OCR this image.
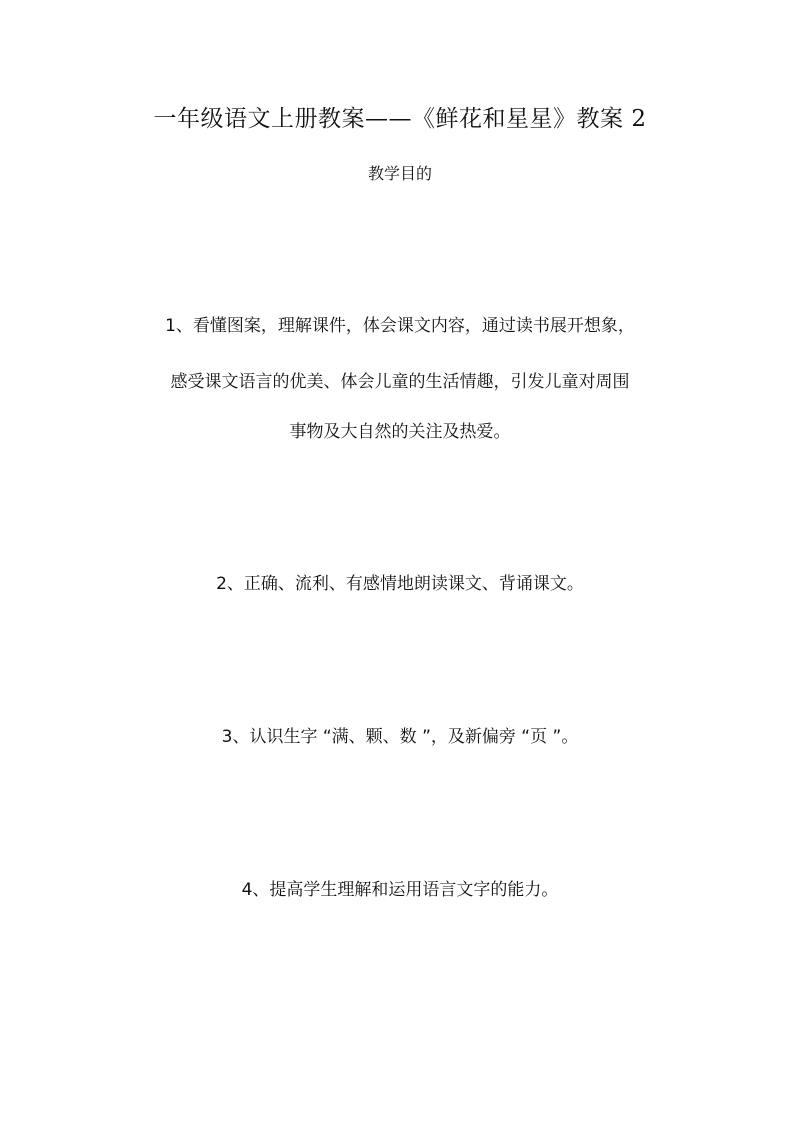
一年级语文上册教案——《鲜花和星星》教案 2
教学目的
1、看懂图案，理解课件，体会课文内容，通过读书展开想象，
感受课文语言的优美、体会儿童的生活情趣，引发儿童对周围
事物及大自然的关注及热爱。
2、正确、流利、有感情地朗读课文、背诵课文。
3、认识生字 “满、颗、数 ”，及新偏旁 “页 ”。
4、提高学生理解和运用语言文字的能力。
